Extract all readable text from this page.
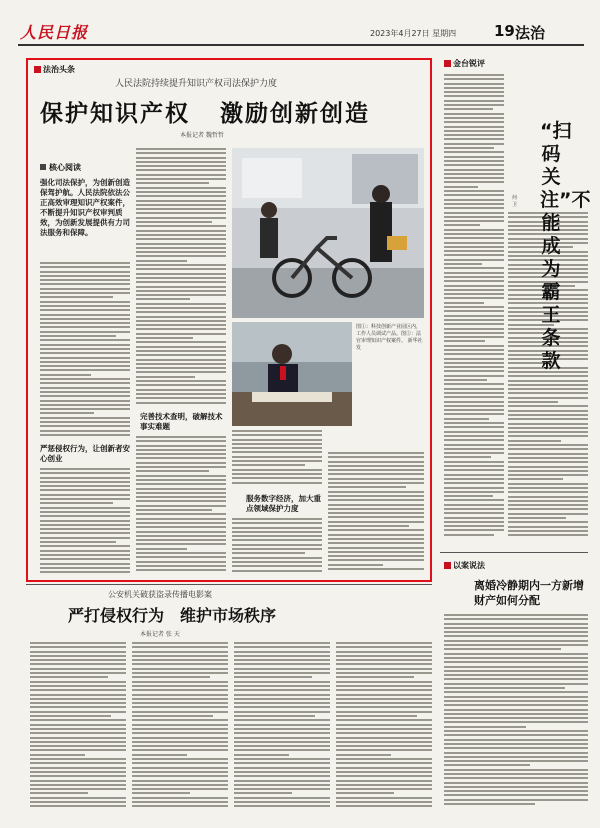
人民日报	2023年4月27日 星期四	19 法治
法治头条
人民法院持续提升知识产权司法保护力度
保护知识产权 激励创新创造
本报记者 魏哲哲
核心阅读
强化司法保护，为创新创造保驾护航。人民法院依法公正高效审理知识产权案件，不断提升知识产权审判质效，为创新发展提供有力司法服务和保障。
严惩侵权行为，让创新者安心创业
完善技术查明，破解技术事实难题
服务数字经济，加大重点领域保护力度
图①：科技创新产业园区内，工作人员调试产品。图②：法官审理知识产权案件。 新华社发
金台锐评
“扫码关注”不能成为霸王条款
何 卫
以案说法
离婚冷静期内一方新增财产如何分配
公安机关破获盗录传播电影案
严打侵权行为 维护市场秩序
本报记者 张 天
